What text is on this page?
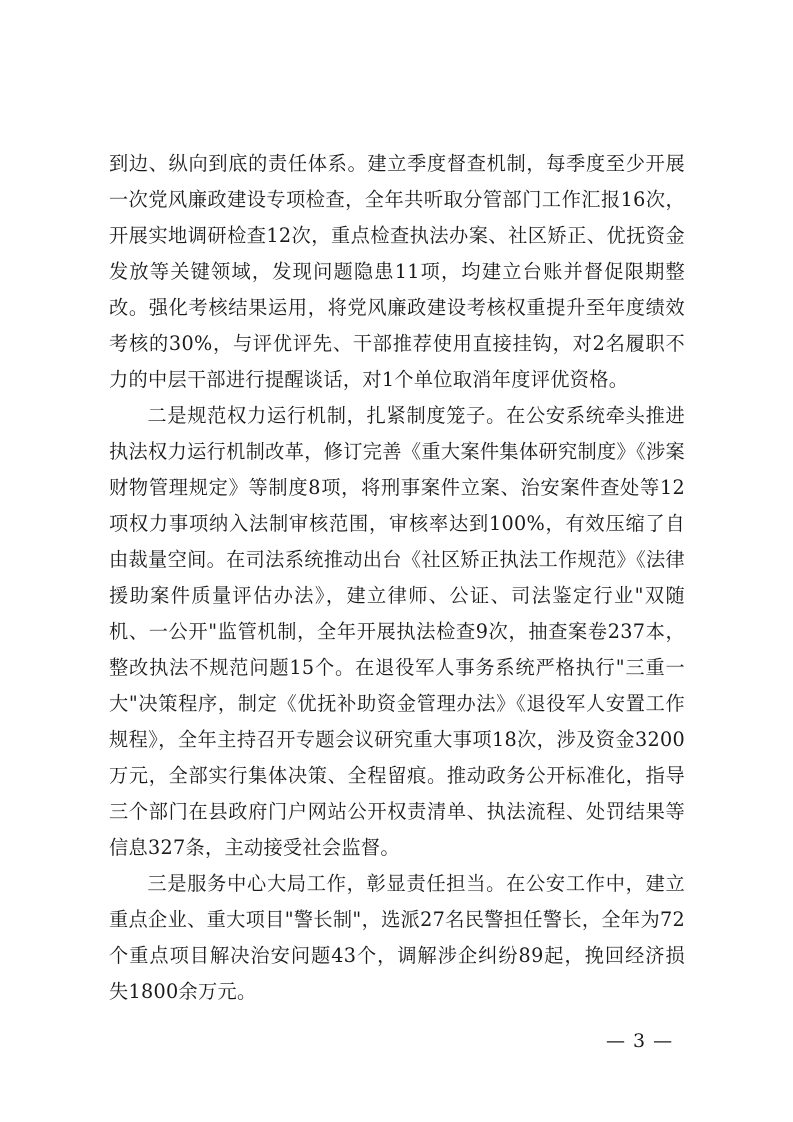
到边、纵向到底的责任体系。建立季度督查机制，每季度至少开展一次党风廉政建设专项检查，全年共听取分管部门工作汇报16次，开展实地调研检查12次，重点检查执法办案、社区矫正、优抚资金发放等关键领域，发现问题隐患11项，均建立台账并督促限期整改。强化考核结果运用，将党风廉政建设考核权重提升至年度绩效考核的30%，与评优评先、干部推荐使用直接挂钩，对2名履职不力的中层干部进行提醒谈话，对1个单位取消年度评优资格。

二是规范权力运行机制，扎紧制度笼子。在公安系统牵头推进执法权力运行机制改革，修订完善《重大案件集体研究制度》《涉案财物管理规定》等制度8项，将刑事案件立案、治安案件查处等12项权力事项纳入法制审核范围，审核率达到100%，有效压缩了自由裁量空间。在司法系统推动出台《社区矫正执法工作规范》《法律援助案件质量评估办法》，建立律师、公证、司法鉴定行业"双随机、一公开"监管机制，全年开展执法检查9次，抽查案卷237本，整改执法不规范问题15个。在退役军人事务系统严格执行"三重一大"决策程序，制定《优抚补助资金管理办法》《退役军人安置工作规程》，全年主持召开专题会议研究重大事项18次，涉及资金3200万元，全部实行集体决策、全程留痕。推动政务公开标准化，指导三个部门在县政府门户网站公开权责清单、执法流程、处罚结果等信息327条，主动接受社会监督。

三是服务中心大局工作，彰显责任担当。在公安工作中，建立重点企业、重大项目"警长制"，选派27名民警担任警长，全年为72个重点项目解决治安问题43个，调解涉企纠纷89起，挽回经济损失1800余万元。

— 3 —
